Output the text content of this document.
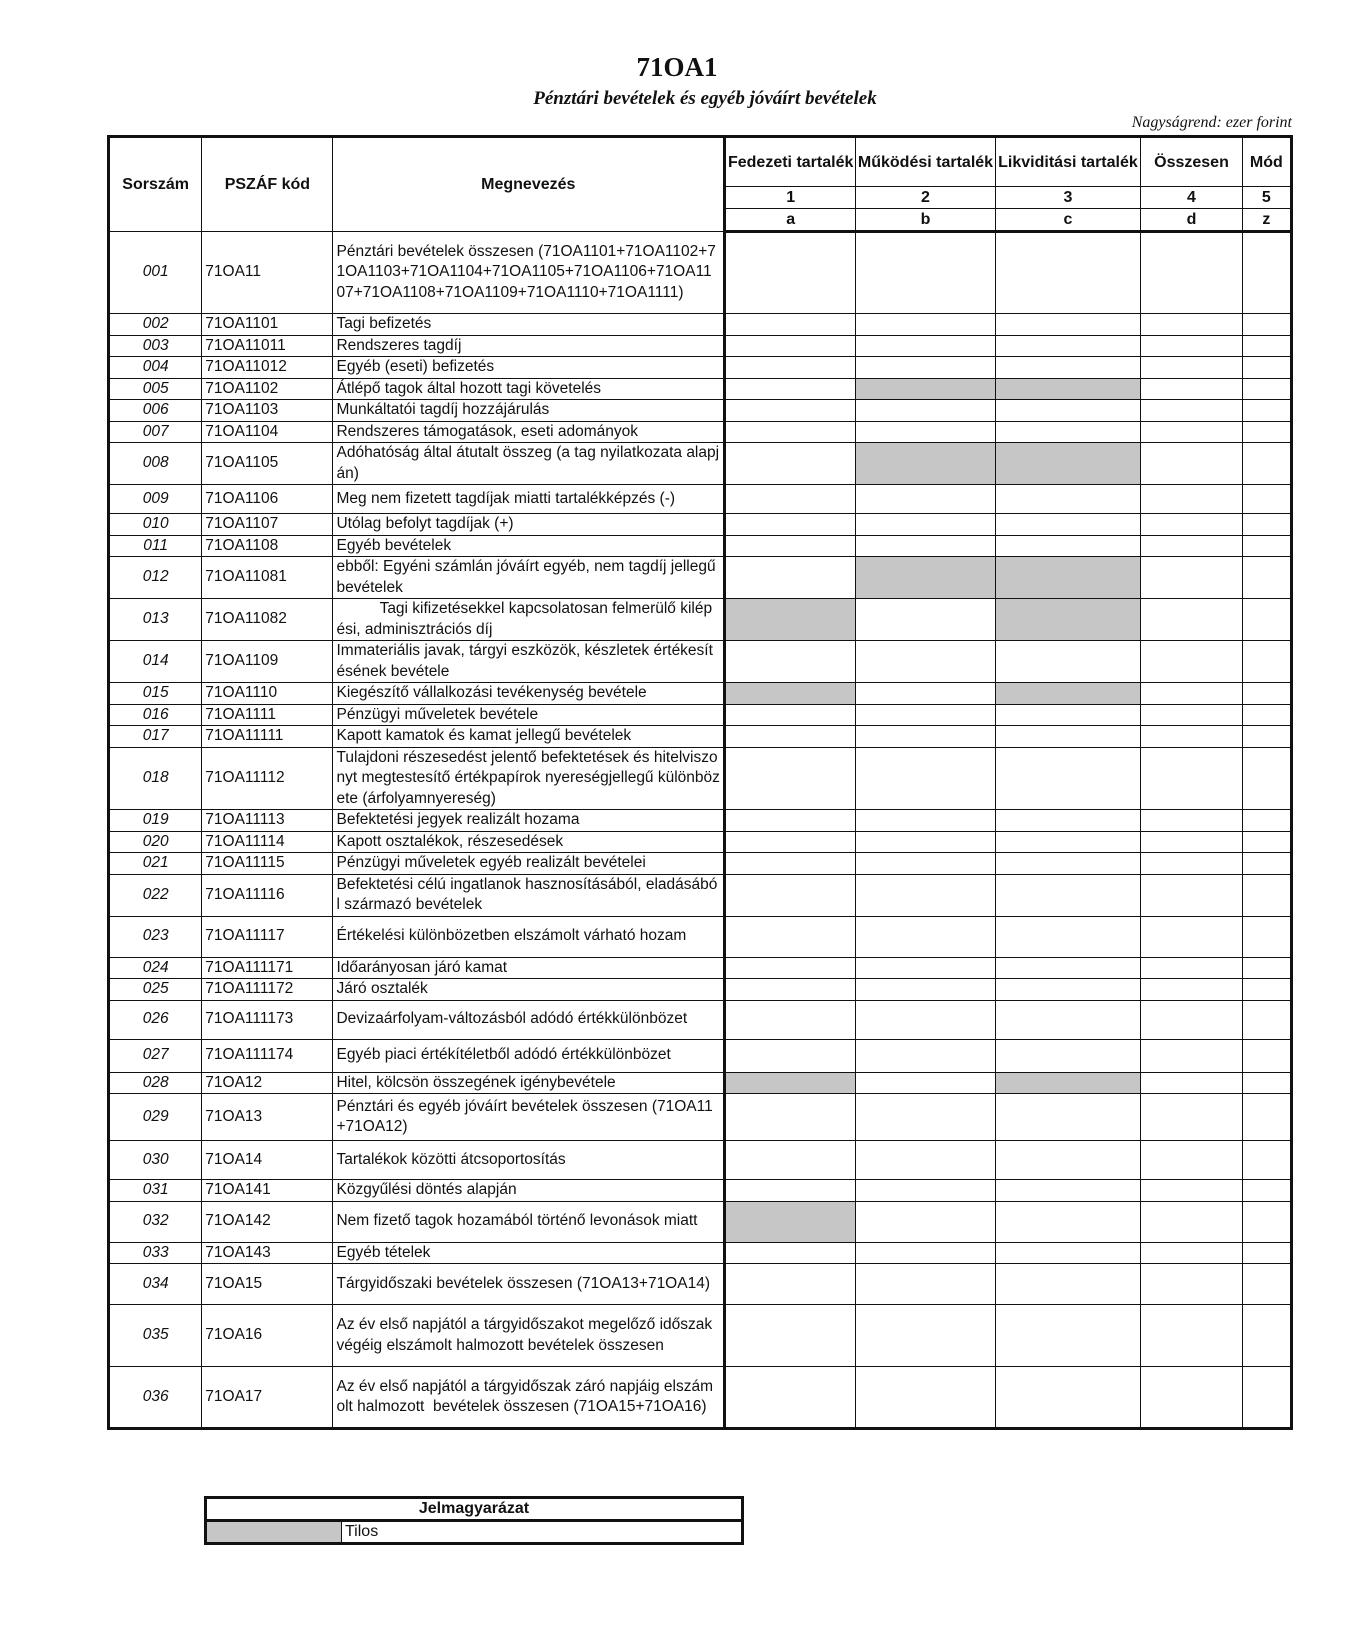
71OA1
Pénztári bevételek és egyéb jóváírt bevételek
Nagyságrend: ezer forint
Sorszám	PSZÁF kód	Megnevezés	Fedezeti tartalék	Működési tartalék	Likviditási tartalék	Összesen	Mód
			1	2	3	4	5
			a	b	c	d	z
001	71OA11	Pénztári bevételek összesen (71OA1101+71OA1102+71OA1103+71OA1104+71OA1105+71OA1106+71OA1107+71OA1108+71OA1109+71OA1110+71OA1111)					
002	71OA1101	Tagi befizetés					
003	71OA11011	Rendszeres tagdíj					
004	71OA11012	Egyéb (eseti) befizetés					
005	71OA1102	Átlépő tagok által hozott tagi követelés					
006	71OA1103	Munkáltatói tagdíj hozzájárulás					
007	71OA1104	Rendszeres támogatások, eseti adományok					
008	71OA1105	Adóhatóság által átutalt összeg (a tag nyilatkozata alapján)					
009	71OA1106	Meg nem fizetett tagdíjak miatti tartalékképzés (-)					
010	71OA1107	Utólag befolyt tagdíjak (+)					
011	71OA1108	Egyéb bevételek					
012	71OA11081	ebből: Egyéni számlán jóváírt egyéb, nem tagdíj jellegű bevételek					
013	71OA11082	Tagi kifizetésekkel kapcsolatosan felmerülő kilépési, adminisztrációs díj					
014	71OA1109	Immateriális javak, tárgyi eszközök, készletek értékesítésének bevétele					
015	71OA1110	Kiegészítő vállalkozási tevékenység bevétele					
016	71OA1111	Pénzügyi műveletek bevétele					
017	71OA11111	Kapott kamatok és kamat jellegű bevételek					
018	71OA11112	Tulajdoni részesedést jelentő befektetések és hitelviszonyt megtestesítő értékpapírok nyereségjellegű különbözete (árfolyamnyereség)					
019	71OA11113	Befektetési jegyek realizált hozama					
020	71OA11114	Kapott osztalékok, részesedések					
021	71OA11115	Pénzügyi műveletek egyéb realizált bevételei					
022	71OA11116	Befektetési célú ingatlanok hasznosításából, eladásából származó bevételek					
023	71OA11117	Értékelési különbözetben elszámolt várható hozam					
024	71OA111171	Időarányosan járó kamat					
025	71OA111172	Járó osztalék					
026	71OA111173	Devizaárfolyam-változásból adódó értékkülönbözet					
027	71OA111174	Egyéb piaci értékítéletből adódó értékkülönbözet					
028	71OA12	Hitel, kölcsön összegének igénybevétele					
029	71OA13	Pénztári és egyéb jóváírt bevételek összesen (71OA11+71OA12)					
030	71OA14	Tartalékok közötti átcsoportosítás					
031	71OA141	Közgyűlési döntés alapján					
032	71OA142	Nem fizető tagok hozamából történő levonások miatt					
033	71OA143	Egyéb tételek					
034	71OA15	Tárgyidőszaki bevételek összesen (71OA13+71OA14)					
035	71OA16	Az év első napjától a tárgyidőszakot megelőző időszak végéig elszámolt halmozott bevételek összesen					
036	71OA17	Az év első napjától a tárgyidőszak záró napjáig elszámolt halmozott  bevételek összesen (71OA15+71OA16)					
Jelmagyarázat
	Tilos
